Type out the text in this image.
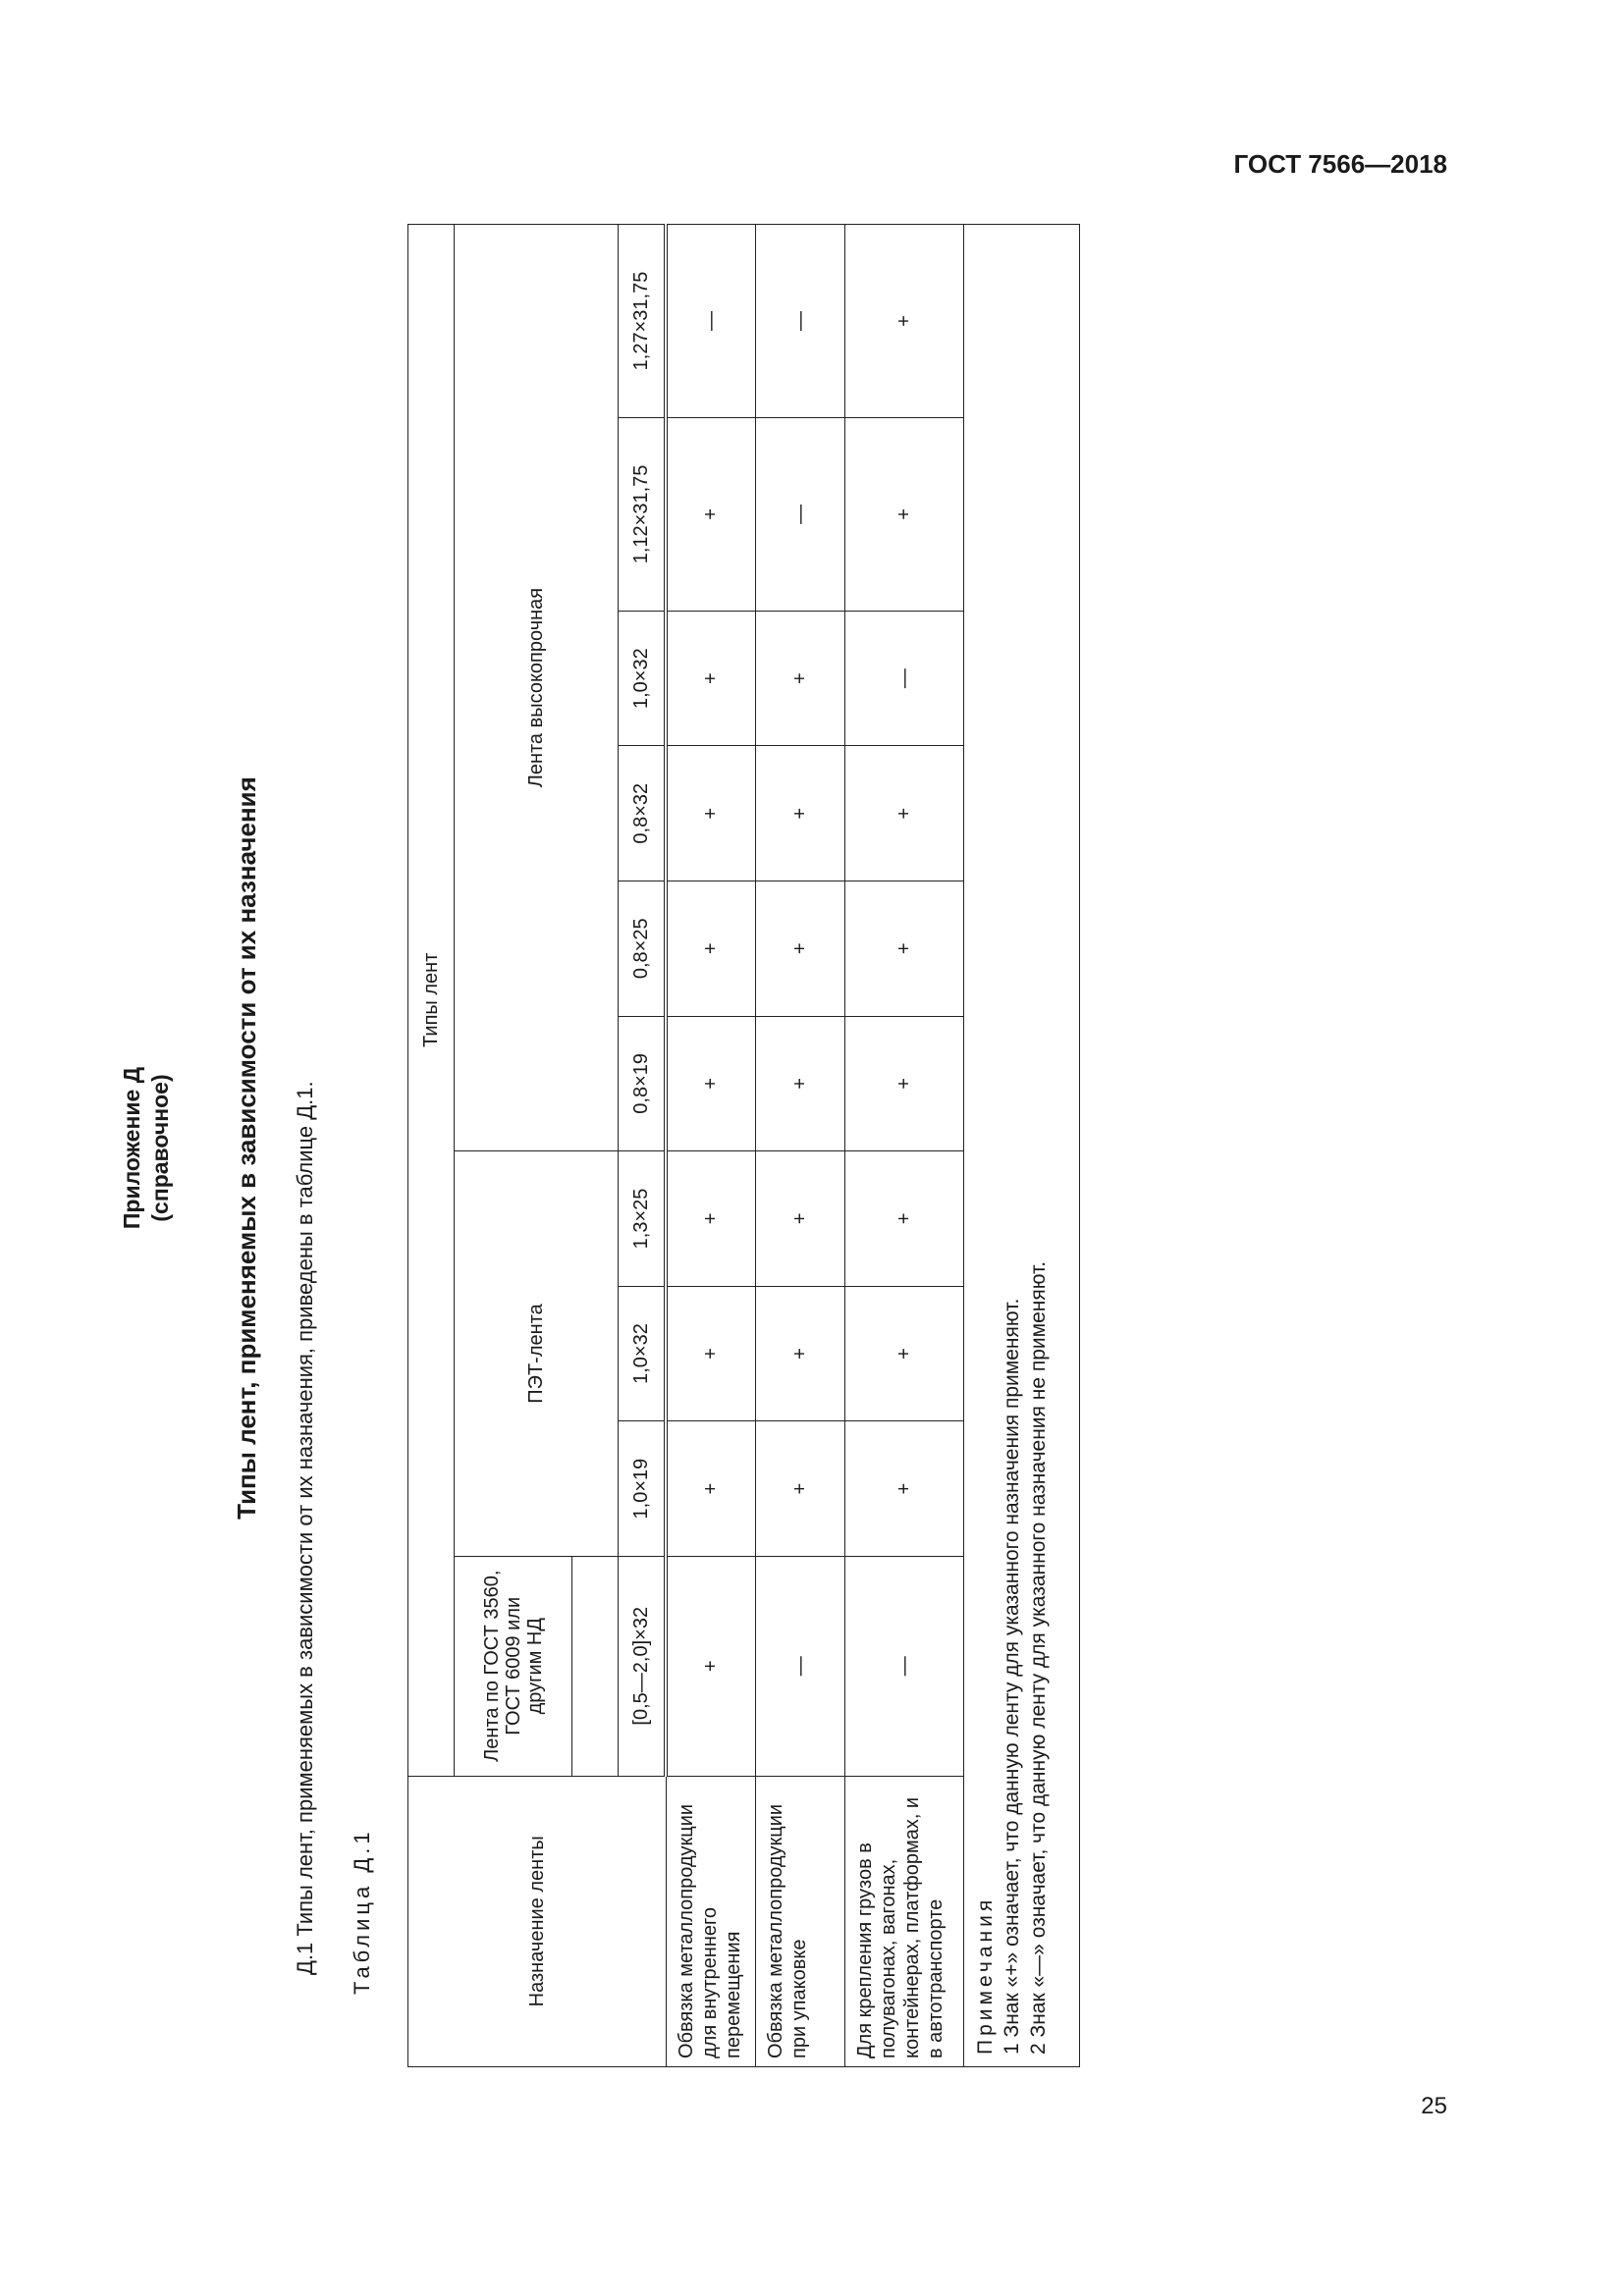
ГОСТ 7566—2018
25
Приложение Д (справочное) Типы лент, применяемых в зависимости от их назначения Д.1 Типы лент, применяемых в зависимости от их назначения, приведены в таблице Д.1. Таблица Д.1	Назначение ленты	Типы лент									
	Лента по ГОСТ 3560, ГОСТ 6009 или другим НД	ПЭТ-лента			Лента высокопрочная					

	[0,5—2,0]×32	1,0×19	1,0×32	1,3×25	0,8×19	0,8×25	0,8×32	1,0×32	1,12×31,75	1,27×31,75
Обвязка металлопродукции для внутреннего перемещения	+	+	+	+	+	+	+	+	+	—
Обвязка металлопродукции при упаковке	—	+	+	+	+	+	+	+	—	—
Для крепления грузов в полувагонах, вагонах, контейнерах, платформах, и в автотранспорте	—	+	+	+	+	+	+	—	+	+

Примечания 1 Знак «+» означает, что данную ленту для указанного назначения применяют. 2 Знак «—» означает, что данную ленту для указанного назначения не применяют.										
